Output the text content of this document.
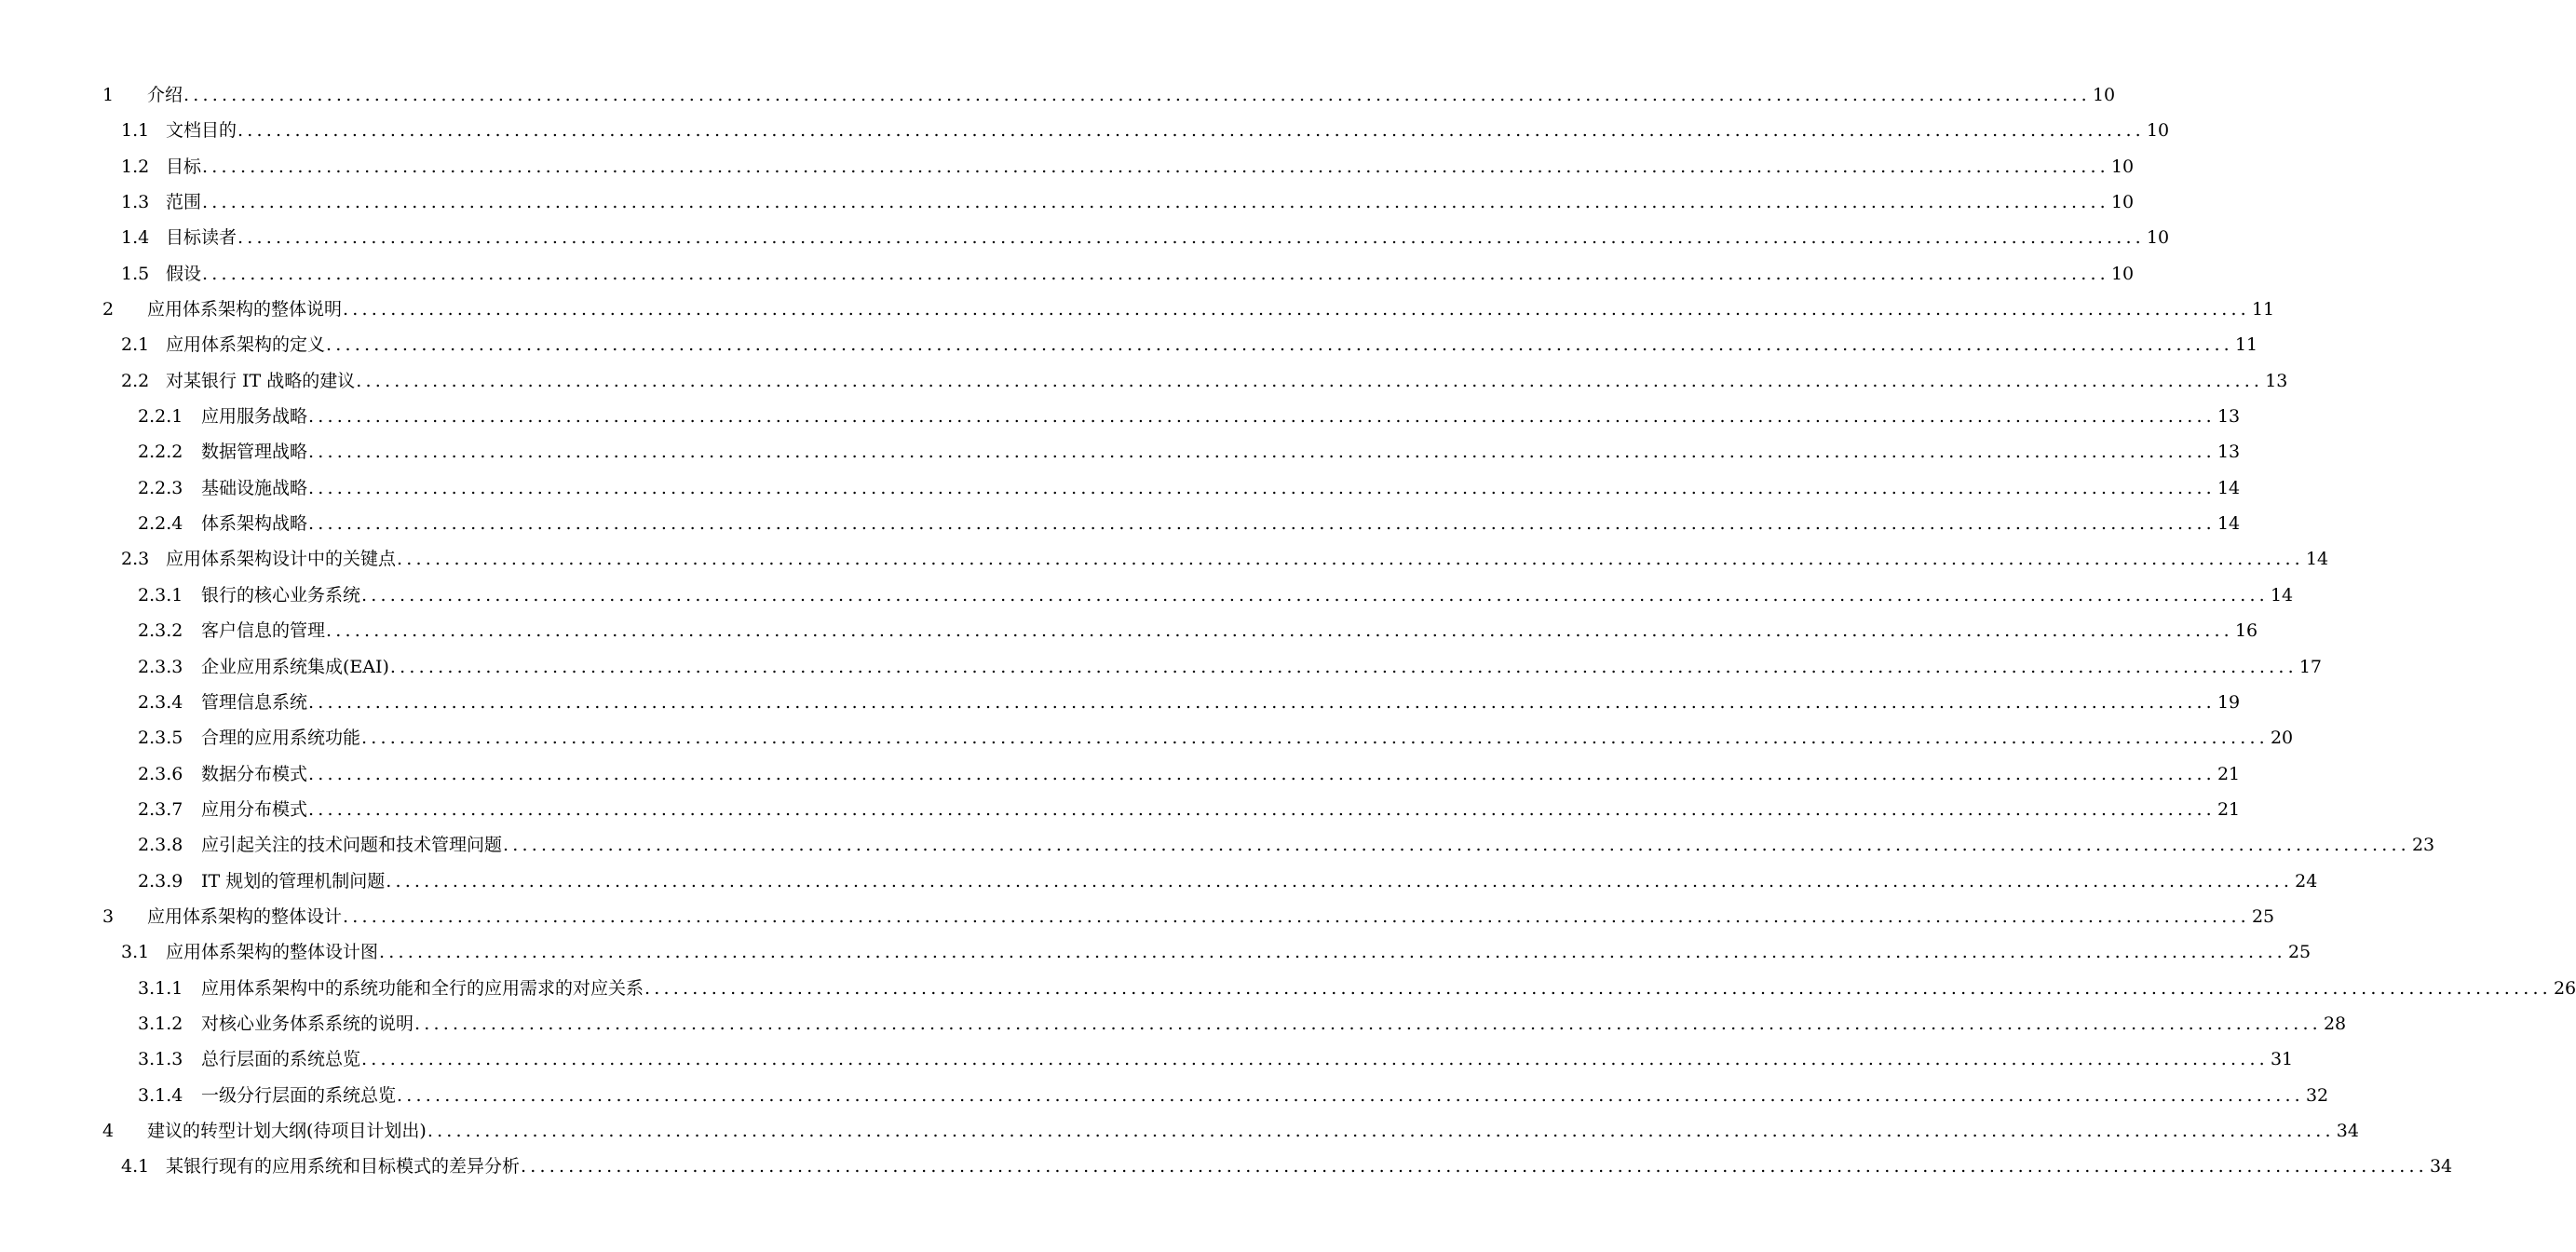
1	介绍 ........................................................................................................................................................................................................ 10
1.1 文档目的 ........................................................................................................................................................................................................ 10
1.2 目标 ........................................................................................................................................................................................................ 10
1.3 范围 ........................................................................................................................................................................................................ 10
1.4 目标读者 ........................................................................................................................................................................................................ 10
1.5 假设 ........................................................................................................................................................................................................ 10
2	应用体系架构的整体说明 ........................................................................................................................................................................................................ 11
2.1 应用体系架构的定义 ........................................................................................................................................................................................................ 11
2.2 对某银行 IT 战略的建议 ........................................................................................................................................................................................................ 13
2.2.1	应用服务战略 ........................................................................................................................................................................................................ 13
2.2.2	数据管理战略 ........................................................................................................................................................................................................ 13
2.2.3	基础设施战略 ........................................................................................................................................................................................................ 14
2.2.4	体系架构战略 ........................................................................................................................................................................................................ 14
2.3 应用体系架构设计中的关键点 ........................................................................................................................................................................................................ 14
2.3.1	银行的核心业务系统 ........................................................................................................................................................................................................ 14
2.3.2	客户信息的管理 ........................................................................................................................................................................................................ 16
2.3.3	企业应用系统集成(EAI) ........................................................................................................................................................................................................ 17
2.3.4	管理信息系统 ........................................................................................................................................................................................................ 19
2.3.5	合理的应用系统功能 ........................................................................................................................................................................................................ 20
2.3.6	数据分布模式 ........................................................................................................................................................................................................ 21
2.3.7	应用分布模式 ........................................................................................................................................................................................................ 21
2.3.8	应引起关注的技术问题和技术管理问题 ........................................................................................................................................................................................................ 23
2.3.9	IT 规划的管理机制问题 ........................................................................................................................................................................................................ 24
3	应用体系架构的整体设计 ........................................................................................................................................................................................................ 25
3.1 应用体系架构的整体设计图 ........................................................................................................................................................................................................ 25
3.1.1	应用体系架构中的系统功能和全行的应用需求的对应关系 ........................................................................................................................................................................................................ 26
3.1.2	对核心业务体系系统的说明 ........................................................................................................................................................................................................ 28
3.1.3	总行层面的系统总览 ........................................................................................................................................................................................................ 31
3.1.4	一级分行层面的系统总览 ........................................................................................................................................................................................................ 32
4	建议的转型计划大纲(待项目计划出) ........................................................................................................................................................................................................ 34
4.1 某银行现有的应用系统和目标模式的差异分析 ........................................................................................................................................................................................................ 34
